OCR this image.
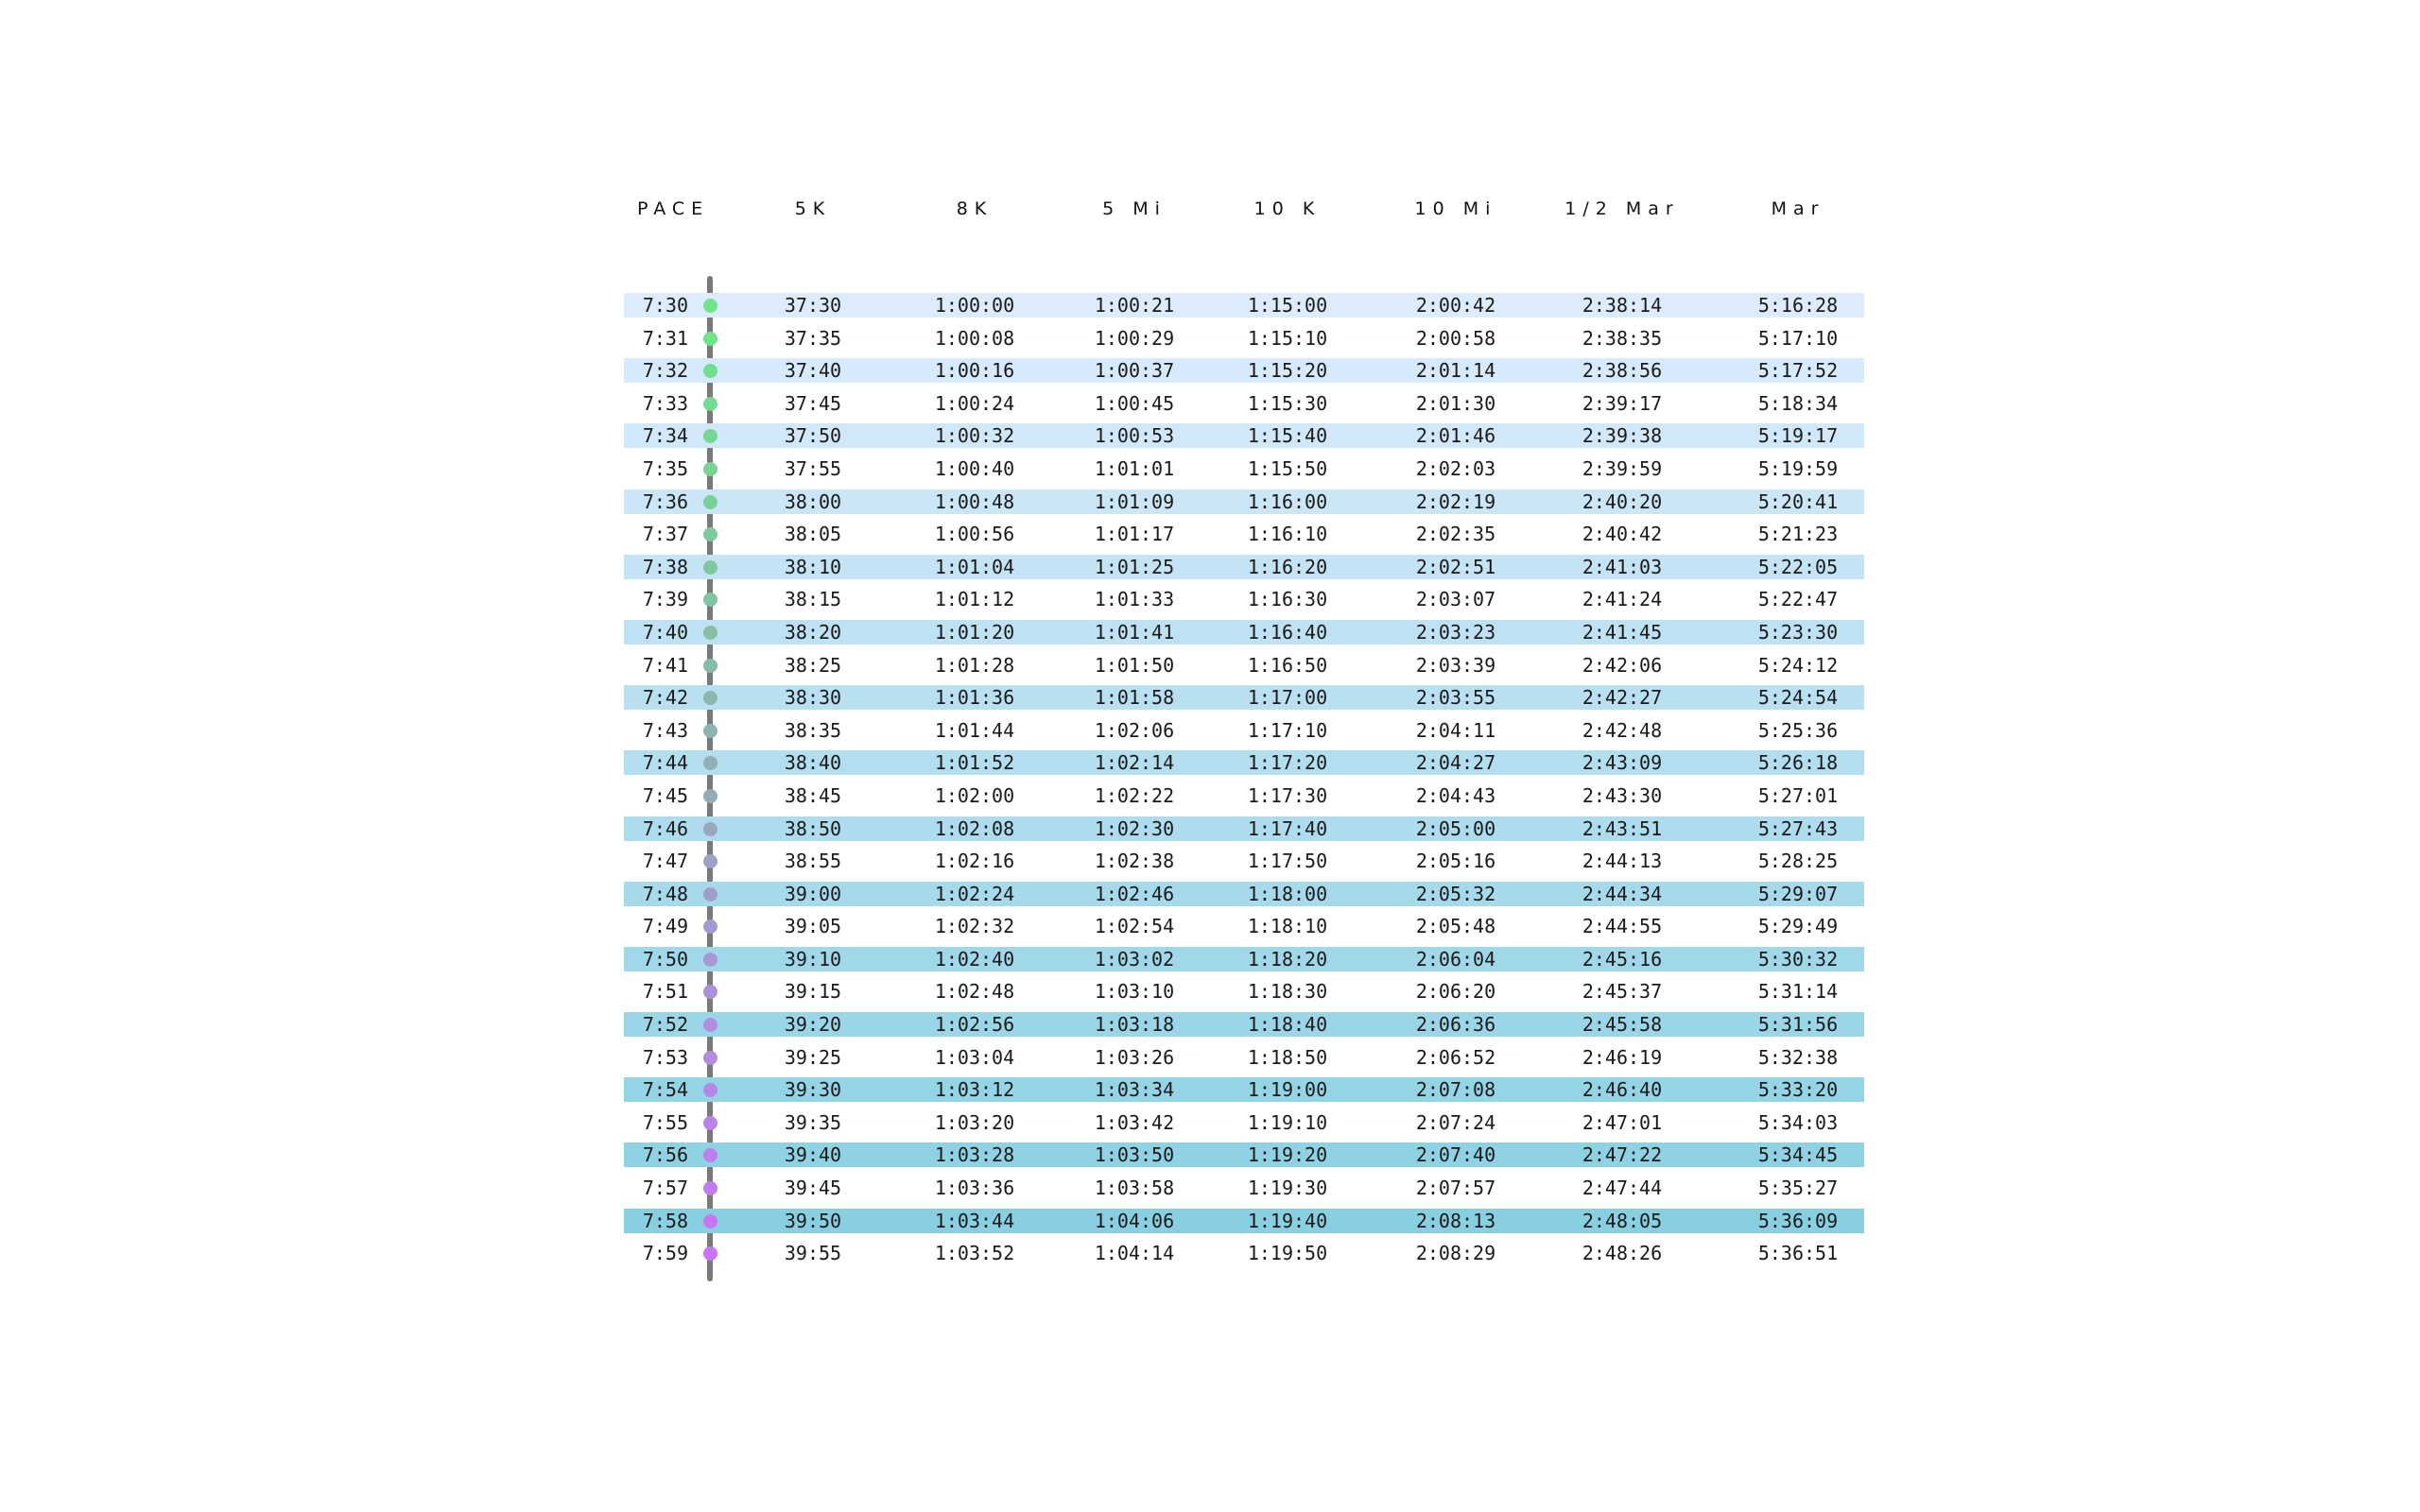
PACE	5K	8K	5 Mi	10 K	10 Mi	1/2 Mar	Mar
7:30	37:30	1:00:00	1:00:21	1:15:00	2:00:42	2:38:14	5:16:28
7:31	37:35	1:00:08	1:00:29	1:15:10	2:00:58	2:38:35	5:17:10
7:32	37:40	1:00:16	1:00:37	1:15:20	2:01:14	2:38:56	5:17:52
7:33	37:45	1:00:24	1:00:45	1:15:30	2:01:30	2:39:17	5:18:34
7:34	37:50	1:00:32	1:00:53	1:15:40	2:01:46	2:39:38	5:19:17
7:35	37:55	1:00:40	1:01:01	1:15:50	2:02:03	2:39:59	5:19:59
7:36	38:00	1:00:48	1:01:09	1:16:00	2:02:19	2:40:20	5:20:41
7:37	38:05	1:00:56	1:01:17	1:16:10	2:02:35	2:40:42	5:21:23
7:38	38:10	1:01:04	1:01:25	1:16:20	2:02:51	2:41:03	5:22:05
7:39	38:15	1:01:12	1:01:33	1:16:30	2:03:07	2:41:24	5:22:47
7:40	38:20	1:01:20	1:01:41	1:16:40	2:03:23	2:41:45	5:23:30
7:41	38:25	1:01:28	1:01:50	1:16:50	2:03:39	2:42:06	5:24:12
7:42	38:30	1:01:36	1:01:58	1:17:00	2:03:55	2:42:27	5:24:54
7:43	38:35	1:01:44	1:02:06	1:17:10	2:04:11	2:42:48	5:25:36
7:44	38:40	1:01:52	1:02:14	1:17:20	2:04:27	2:43:09	5:26:18
7:45	38:45	1:02:00	1:02:22	1:17:30	2:04:43	2:43:30	5:27:01
7:46	38:50	1:02:08	1:02:30	1:17:40	2:05:00	2:43:51	5:27:43
7:47	38:55	1:02:16	1:02:38	1:17:50	2:05:16	2:44:13	5:28:25
7:48	39:00	1:02:24	1:02:46	1:18:00	2:05:32	2:44:34	5:29:07
7:49	39:05	1:02:32	1:02:54	1:18:10	2:05:48	2:44:55	5:29:49
7:50	39:10	1:02:40	1:03:02	1:18:20	2:06:04	2:45:16	5:30:32
7:51	39:15	1:02:48	1:03:10	1:18:30	2:06:20	2:45:37	5:31:14
7:52	39:20	1:02:56	1:03:18	1:18:40	2:06:36	2:45:58	5:31:56
7:53	39:25	1:03:04	1:03:26	1:18:50	2:06:52	2:46:19	5:32:38
7:54	39:30	1:03:12	1:03:34	1:19:00	2:07:08	2:46:40	5:33:20
7:55	39:35	1:03:20	1:03:42	1:19:10	2:07:24	2:47:01	5:34:03
7:56	39:40	1:03:28	1:03:50	1:19:20	2:07:40	2:47:22	5:34:45
7:57	39:45	1:03:36	1:03:58	1:19:30	2:07:57	2:47:44	5:35:27
7:58	39:50	1:03:44	1:04:06	1:19:40	2:08:13	2:48:05	5:36:09
7:59	39:55	1:03:52	1:04:14	1:19:50	2:08:29	2:48:26	5:36:51
